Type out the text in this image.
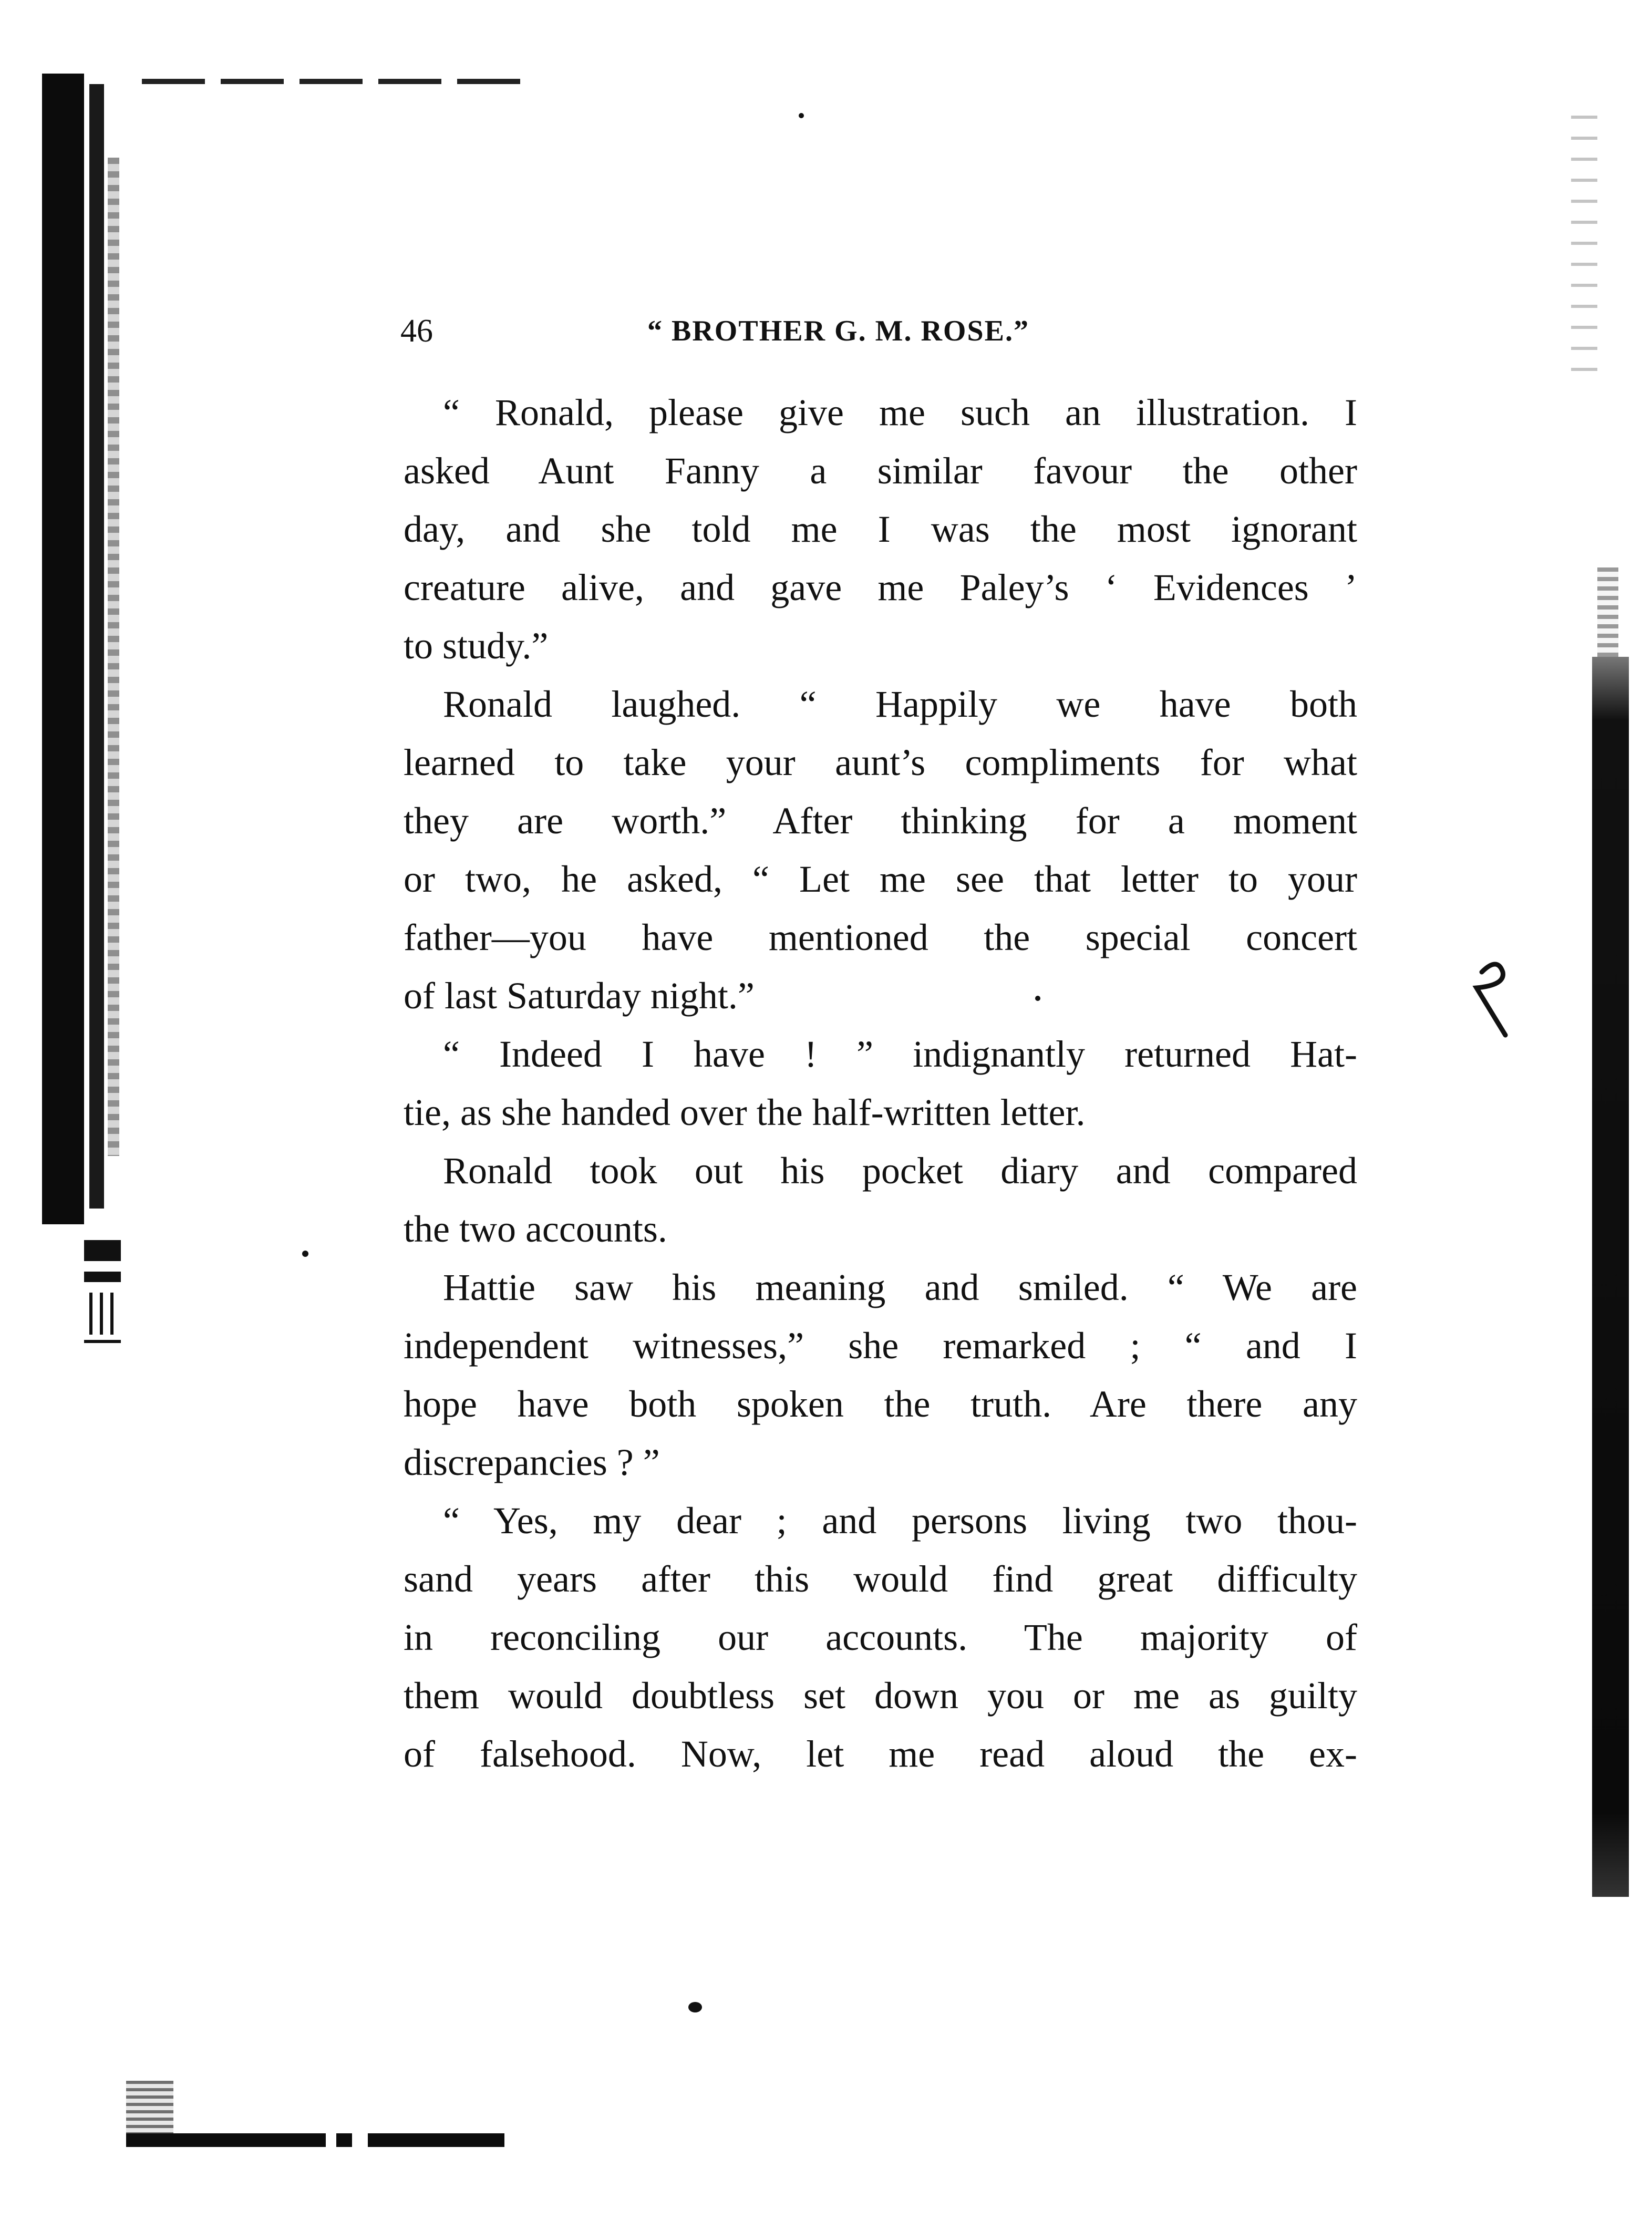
46	“ BROTHER G. M. ROSE.”
“ Ronald, please give me such an illustration. I
asked Aunt Fanny a similar favour the other
day, and she told me I was the most ignorant
creature alive, and gave me Paley’s ‘ Evidences ’
to study.”
Ronald laughed. “ Happily we have both
learned to take your aunt’s compliments for what
they are worth.” After thinking for a moment
or two, he asked, “ Let me see that letter to your
father—you have mentioned the special concert
of last Saturday night.”
“ Indeed I have ! ” indignantly returned Hat-
tie, as she handed over the half-written letter.
Ronald took out his pocket diary and compared
the two accounts.
Hattie saw his meaning and smiled. “ We are
independent witnesses,” she remarked ; “ and I
hope have both spoken the truth. Are there any
discrepancies ? ”
“ Yes, my dear ; and persons living two thou-
sand years after this would find great difficulty
in reconciling our accounts. The majority of
them would doubtless set down you or me as guilty
of falsehood. Now, let me read aloud the ex-
